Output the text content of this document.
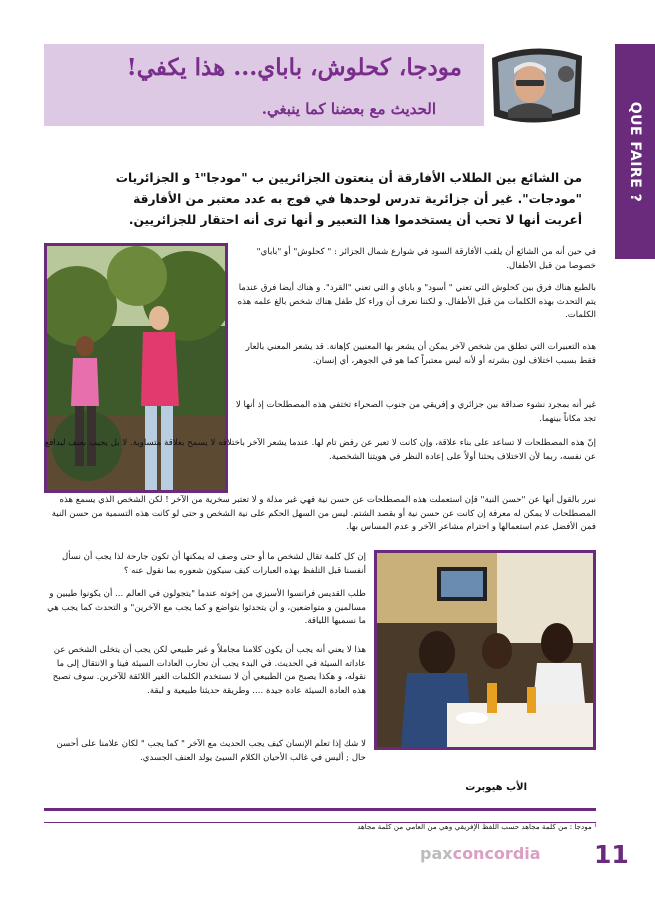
QUE FAIRE ?
مودجا، كحلوش، باباي... هذا يكفي!
الحديث مع بعضنا كما ينبغي.

من الشائع بين الطلاب الأفارقة أن ينعتون الجزائريين ب "مودجا"¹ و الجزائريات "مودجات". غير أن جزائرية تدرس لوحدها في فوج به عدد معتبر من الأفارقة أعربت أنها لا تحب أن يستخدموا هذا التعبير و أنها ترى أنه احتقار للجزائريين.

في حين أنه من الشائع أن يلقب الأفارقة السود في شوارع شمال الجزائر : " كحلوش" أو "باباي" خصوصا من قبل الأطفال.

بالطبع هناك فرق بين كحلوش التي تعني " أسود" و باباي و التي تعني "القرد". و هناك أيضا فرق عندما يتم التحدث بهذه الكلمات من قبل الأطفال. و لكننا نعرف أن وراء كل طفل هناك شخص بالغ علمه هذه الكلمات.

هذه التعبيرات التي تطلق من شخص لآخر يمكن أن يشعر بها المعنيين كإهانة. قد يشعر المعني بالعار فقط بسبب اختلاف لون بشرته أو لأنه ليس معتبراً كما هو في الجوهر، أي إنسان.

غير أنه بمجرد نشوء صداقة بين جزائري و إفريقي من جنوب الصحراء تختفي هذه المصطلحات إذ أنها لا تجد مكاناً بينهما.

إنّ هذه المصطلحات لا تساعد على بناء علاقة، وإن كانت لا تعبر عن رفض تام لها. عندما يشعر الآخر باختلافه لا يسمح بعلاقة متساوية. لا بل يجيب بعنف ليدافع عن نفسه، ربما لأن الاختلاف يحثنا أولاً على إعادة النظر في هويتنا الشخصية.

نبرر بالقول أنها عن "حسن النية" فإن استعملت هذه المصطلحات عن حسن نية فهي غير مذلة و لا تعتبر سخرية من الآخر ! لكن الشخص الذي يسمع هذه المصطلحات لا يمكن له معرفة إن كانت عن حسن نية أو بقصد الشتم. ليس من السهل الحكم على نية الشخص و حتى لو كانت هذه التسمية من حسن النية فمن الأفضل عدم استعمالها و احترام مشاعر الآخر و عدم المساس بها.

إن كل كلمة تقال لشخص ما أو حتى وصف له يمكنها أن تكون جارحة لذا يجب أن نسأل أنفسنا قبل التلفظ بهذه العبارات كيف سيكون شعوره بما نقول عنه ؟

طلب القديس فرانسوا الأسيزي من إخوته عندما "يتجولون في العالم ... أن يكونوا طيبين و مسالمين و متواضعين، و أن يتحدثوا بتواضع و كما يجب مع الآخرين" و التحدث كما يجب هي ما نسميها اللياقة.

هذا لا يعني أنه يجب أن يكون كلامنا مجاملاً و غير طبيعي لكن يجب أن يتخلى الشخص عن عاداته السيئة في الحديث. في البدء يجب أن نحارب العادات السيئة فينا و الانتقال إلى ما نقوله، و هكذا يصبح من الطبيعي أن لا نستخدم الكلمات الغير اللائقة للآخرين. سوف تصبح هذه العادة السيئة عادة جيدة .... وطريقة حديثنا طبيعية و لبقة.

لا شك إذا تعلم الإنسان كيف يجب الحديث مع الآخر " كما يجب " لكان علامنا على أحسن حال ; أليس في غالب الأحيان الكلام السيئ يولد العنف الجسدي.

الأب هيوبرت
¹ مودجا : من كلمة مجاهد حسب اللفظ الإفريقي وهي من العامي من كلمة مجاهد
paxconcordia 11
